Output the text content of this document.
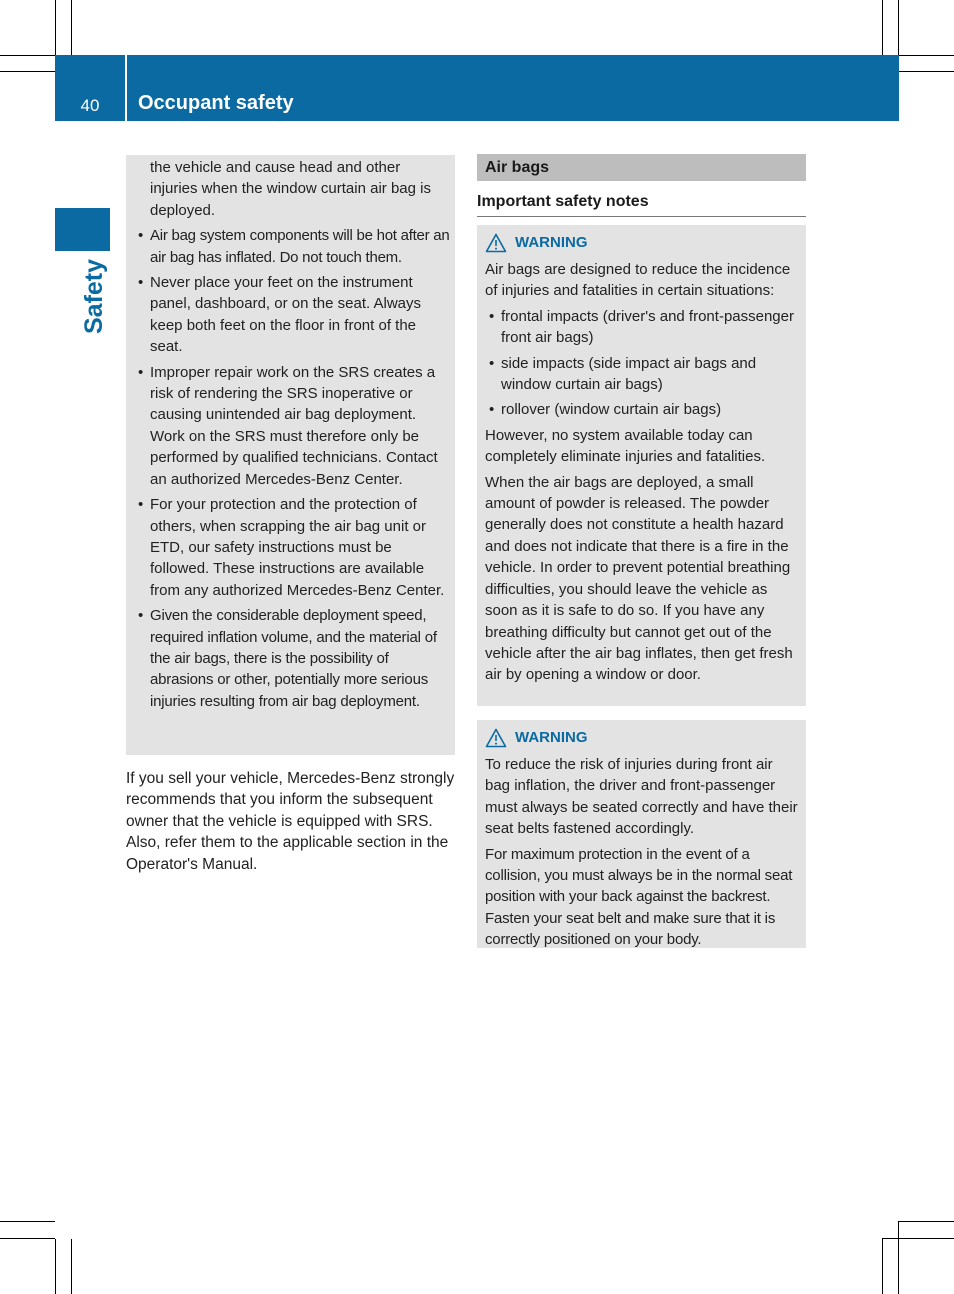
40 Occupant safety
Safety

the vehicle and cause head and other injuries when the window curtain air bag is deployed.

• Air bag system components will be hot after an air bag has inflated. Do not touch them.
• Never place your feet on the instrument panel, dashboard, or on the seat. Always keep both feet on the floor in front of the seat.
• Improper repair work on the SRS creates a risk of rendering the SRS inoperative or causing unintended air bag deployment. Work on the SRS must therefore only be performed by qualified technicians. Contact an authorized Mercedes-Benz Center.
• For your protection and the protection of others, when scrapping the air bag unit or ETD, our safety instructions must be followed. These instructions are available from any authorized Mercedes-Benz Center.
• Given the considerable deployment speed, required inflation volume, and the material of the air bags, there is the possibility of abrasions or other, potentially more serious injuries resulting from air bag deployment.

If you sell your vehicle, Mercedes-Benz strongly recommends that you inform the subsequent owner that the vehicle is equipped with SRS. Also, refer them to the applicable section in the Operator's Manual.

Air bags
Important safety notes
WARNING

Air bags are designed to reduce the incidence of injuries and fatalities in certain situations:

• frontal impacts (driver's and front-passenger front air bags)
• side impacts (side impact air bags and window curtain air bags)
• rollover (window curtain air bags)

However, no system available today can completely eliminate injuries and fatalities.

When the air bags are deployed, a small amount of powder is released. The powder generally does not constitute a health hazard and does not indicate that there is a fire in the vehicle. In order to prevent potential breathing difficulties, you should leave the vehicle as soon as it is safe to do so. If you have any breathing difficulty but cannot get out of the vehicle after the air bag inflates, then get fresh air by opening a window or door.

WARNING

To reduce the risk of injuries during front air bag inflation, the driver and front-passenger must always be seated correctly and have their seat belts fastened accordingly.

For maximum protection in the event of a collision, you must always be in the normal seat position with your back against the backrest. Fasten your seat belt and make sure that it is correctly positioned on your body.
